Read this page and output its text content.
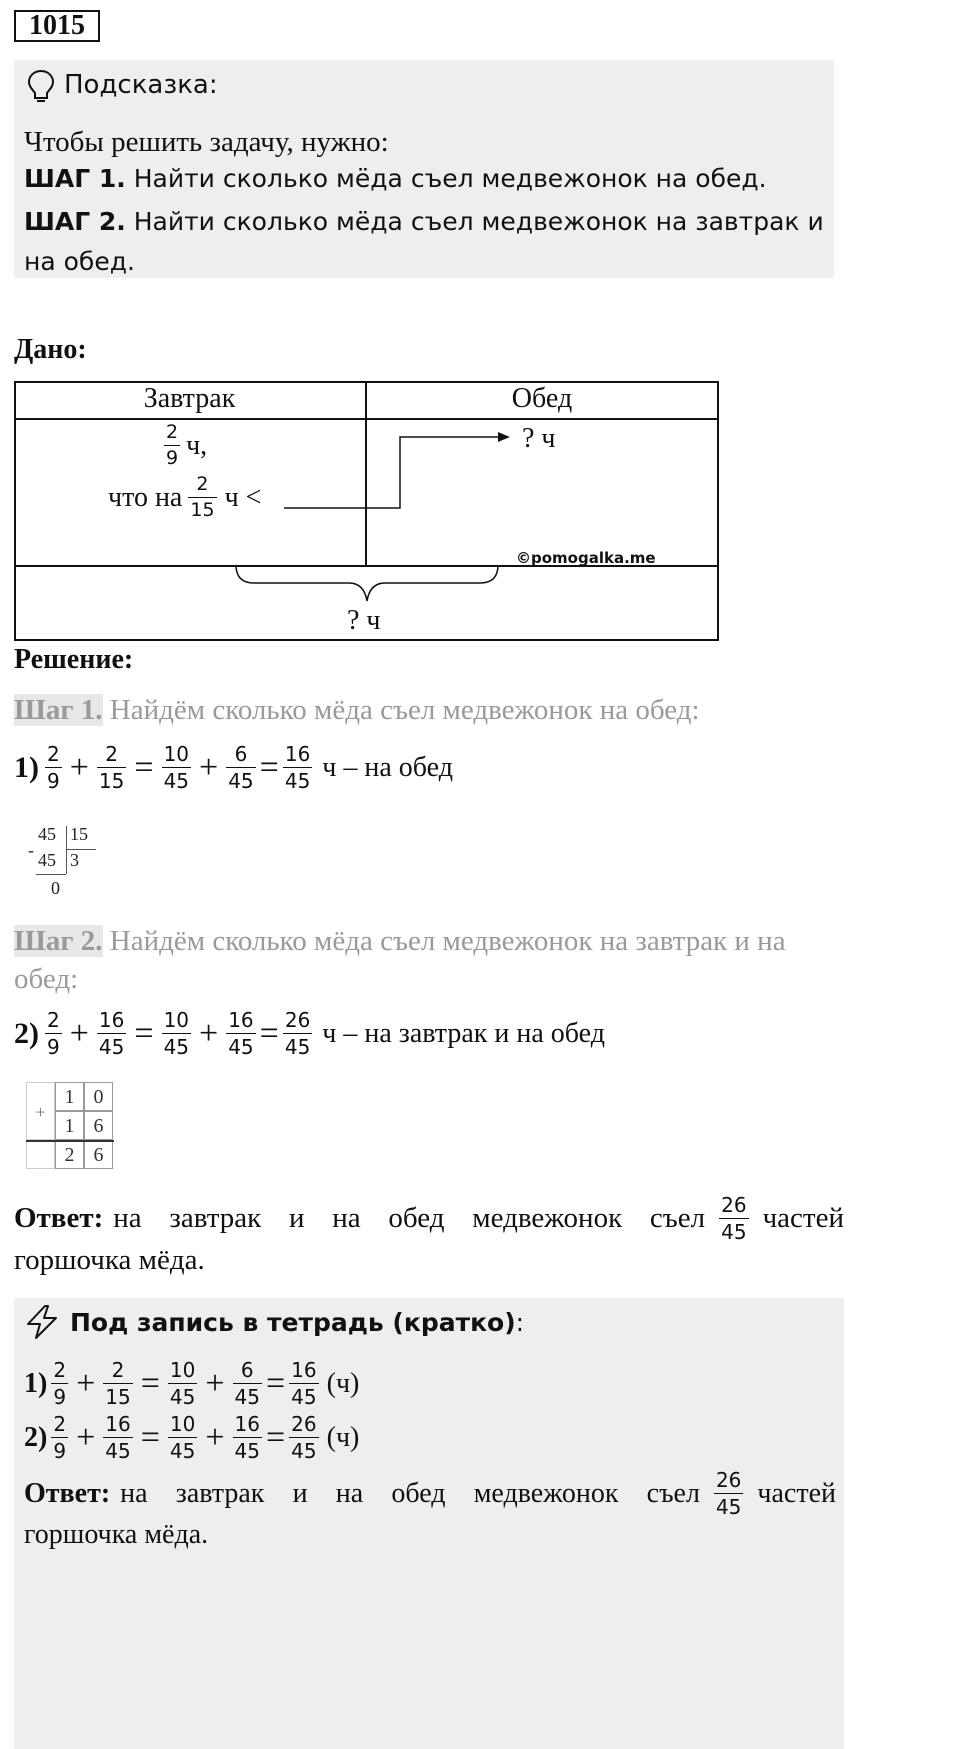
1015
Подсказка:
Чтобы решить задачу, нужно:
ШАГ 1. Найти сколько мёда съел медвежонок на обед.
ШАГ 2. Найти сколько мёда съел медвежонок на завтрак и на обед.
Дано:
Завтрак	Обед
$\frac{2}{9} ч$,
что на $\frac{2}{15}$ ч <
? ч
©pomogalka.me
? ч
Решение:
Шаг 1. Найдём сколько мёда съел медвежонок на обед:
$1) \frac{2}{9} + \frac{2}{15} = \frac{10}{45} + \frac{6}{45} = \frac{16}{45}$ ч – на обед
-
45 15
45 3
0
Шаг 2. Найдём сколько мёда съел медвежонок на завтрак и на
обед:
$2) \frac{2}{9} + \frac{16}{45} = \frac{10}{45} + \frac{16}{45} = \frac{26}{45}$ ч – на завтрак и на обед
+
1 0
1 6
2 6
Ответ: на завтрак и на обед медвежонок съел $\frac{26}{45}$ частей
горшочка мёда.
Под запись в тетрадь (кратко):
$1) \frac{2}{9} + \frac{2}{15} = \frac{10}{45} + \frac{6}{45} = \frac{16}{45} (ч)$
$2) \frac{2}{9} + \frac{16}{45} = \frac{10}{45} + \frac{16}{45} = \frac{26}{45} (ч)$
Ответ: на завтрак и на обед медвежонок съел $\frac{26}{45}$ частей
горшочка мёда.
